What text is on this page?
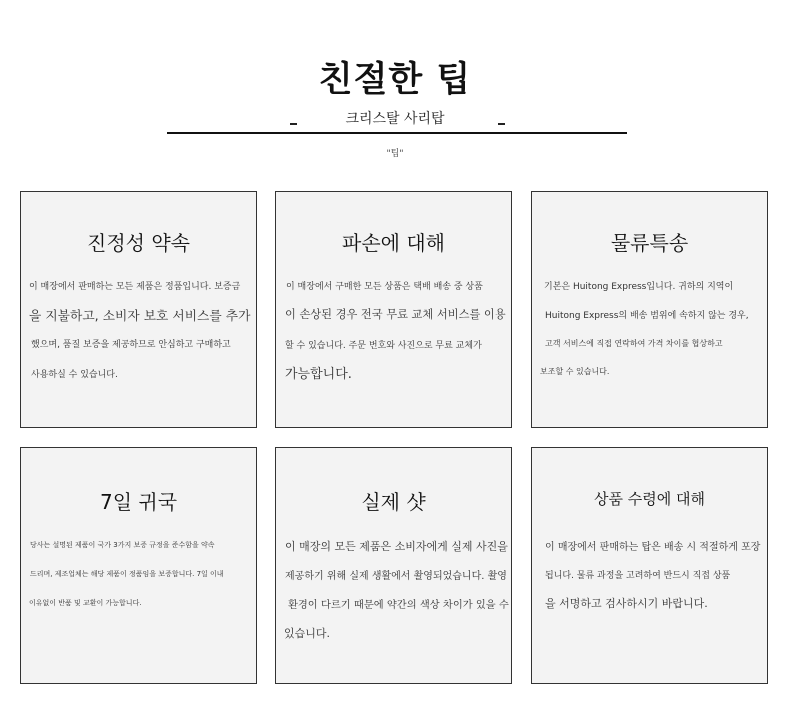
친절한 팁
크리스탈 사리탑
"팁"
진정성 약속
이 매장에서 판매하는 모든 제품은 정품입니다. 보증금
을 지불하고, 소비자 보호 서비스를 추가
했으며, 품질 보증을 제공하므로 안심하고 구매하고
사용하실 수 있습니다.
파손에 대해
이 매장에서 구매한 모든 상품은 택배 배송 중 상품
이 손상된 경우 전국 무료 교체 서비스를 이용
할 수 있습니다. 주문 번호와 사진으로 무료 교체가
가능합니다.
물류특송
기본은 Huitong Express입니다. 귀하의 지역이
Huitong Express의 배송 범위에 속하지 않는 경우,
고객 서비스에 직접 연락하여 가격 차이를 협상하고
보조할 수 있습니다.
7일 귀국
당사는 설명된 제품이 국가 3가지 보증 규정을 준수함을 약속
드리며, 제조업체는 해당 제품이 정품임을 보증합니다. 7일 이내
이유없이 반품 및 교환이 가능합니다.
실제 샷
이 매장의 모든 제품은 소비자에게 실제 사진을
제공하기 위해 실제 생활에서 촬영되었습니다. 촬영
환경이 다르기 때문에 약간의 색상 차이가 있을 수
있습니다.
상품 수령에 대해
이 매장에서 판매하는 탑은 배송 시 적절하게 포장
됩니다. 물류 과정을 고려하여 반드시 직접 상품
을 서명하고 검사하시기 바랍니다.
